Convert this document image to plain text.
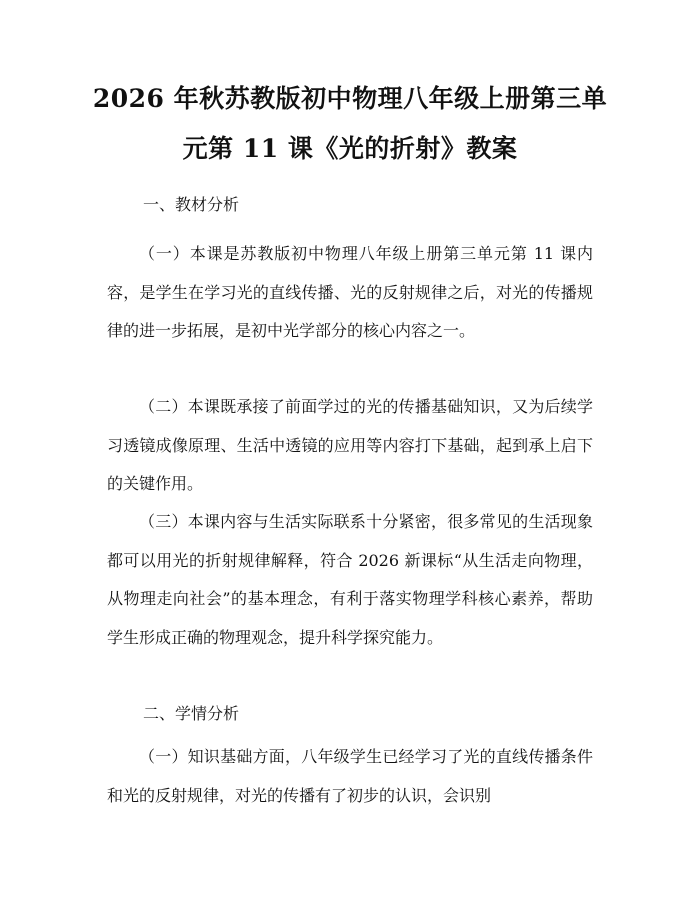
2026 年秋苏教版初中物理八年级上册第三单
元第 11 课《光的折射》教案
一、教材分析
（一）本课是苏教版初中物理八年级上册第三单元第 11 课内容，是学生在学习光的直线传播、光的反射规律之后，对光的传播规律的进一步拓展，是初中光学部分的核心内容之一。
（二）本课既承接了前面学过的光的传播基础知识，又为后续学习透镜成像原理、生活中透镜的应用等内容打下基础，起到承上启下的关键作用。
（三）本课内容与生活实际联系十分紧密，很多常见的生活现象都可以用光的折射规律解释，符合 2026 新课标“从生活走向物理，从物理走向社会”的基本理念，有利于落实物理学科核心素养，帮助学生形成正确的物理观念，提升科学探究能力。
二、学情分析
（一）知识基础方面，八年级学生已经学习了光的直线传播条件和光的反射规律，对光的传播有了初步的认识，会识别
